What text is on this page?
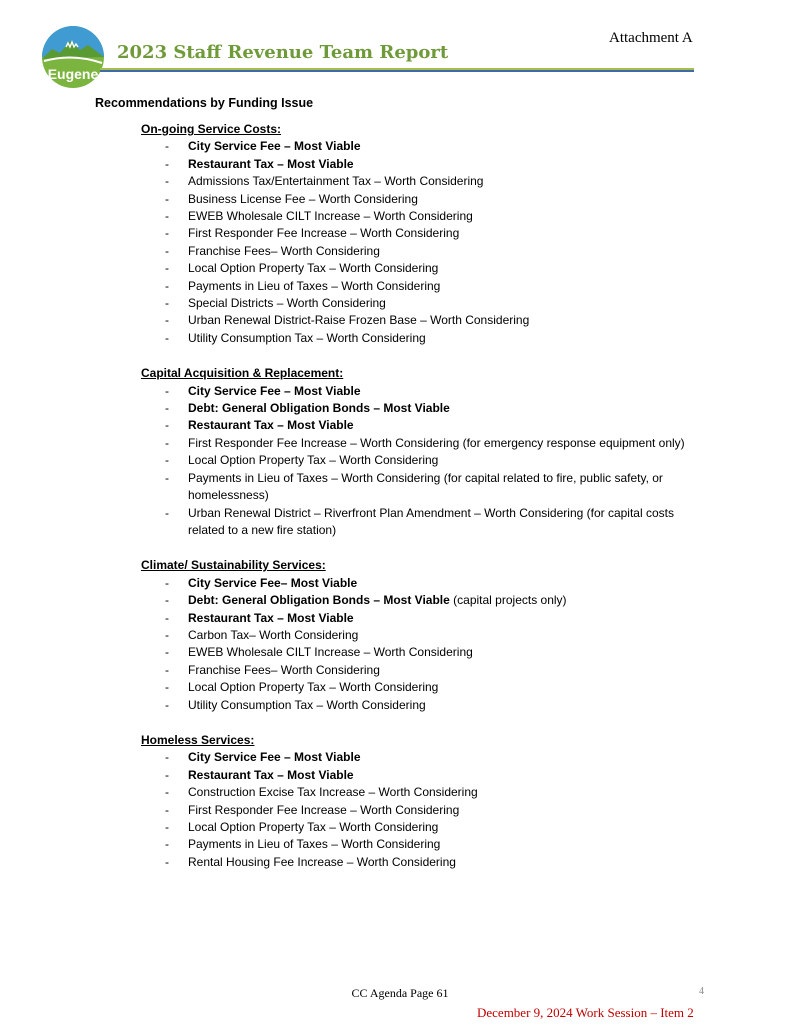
Eugene
2023 Staff Revenue Team Report
Attachment A
Recommendations by Funding Issue
On-going Service Costs:
- City Service Fee – Most Viable
- Restaurant Tax – Most Viable
- Admissions Tax/Entertainment Tax – Worth Considering
- Business License Fee – Worth Considering
- EWEB Wholesale CILT Increase – Worth Considering
- First Responder Fee Increase – Worth Considering
- Franchise Fees– Worth Considering
- Local Option Property Tax – Worth Considering
- Payments in Lieu of Taxes – Worth Considering
- Special Districts – Worth Considering
- Urban Renewal District-Raise Frozen Base – Worth Considering
- Utility Consumption Tax – Worth Considering
Capital Acquisition & Replacement:
- City Service Fee – Most Viable
- Debt: General Obligation Bonds – Most Viable
- Restaurant Tax – Most Viable
- First Responder Fee Increase – Worth Considering (for emergency response equipment only)
- Local Option Property Tax – Worth Considering
- Payments in Lieu of Taxes – Worth Considering (for capital related to fire, public safety, or homelessness)
- Urban Renewal District – Riverfront Plan Amendment – Worth Considering (for capital costs related to a new fire station)
Climate/ Sustainability Services:
- City Service Fee– Most Viable
- Debt: General Obligation Bonds – Most Viable (capital projects only)
- Restaurant Tax – Most Viable
- Carbon Tax– Worth Considering
- EWEB Wholesale CILT Increase – Worth Considering
- Franchise Fees– Worth Considering
- Local Option Property Tax – Worth Considering
- Utility Consumption Tax – Worth Considering
Homeless Services:
- City Service Fee – Most Viable
- Restaurant Tax – Most Viable
- Construction Excise Tax Increase – Worth Considering
- First Responder Fee Increase – Worth Considering
- Local Option Property Tax – Worth Considering
- Payments in Lieu of Taxes – Worth Considering
- Rental Housing Fee Increase – Worth Considering
CC Agenda Page 61	4
December 9, 2024 Work Session – Item 2
